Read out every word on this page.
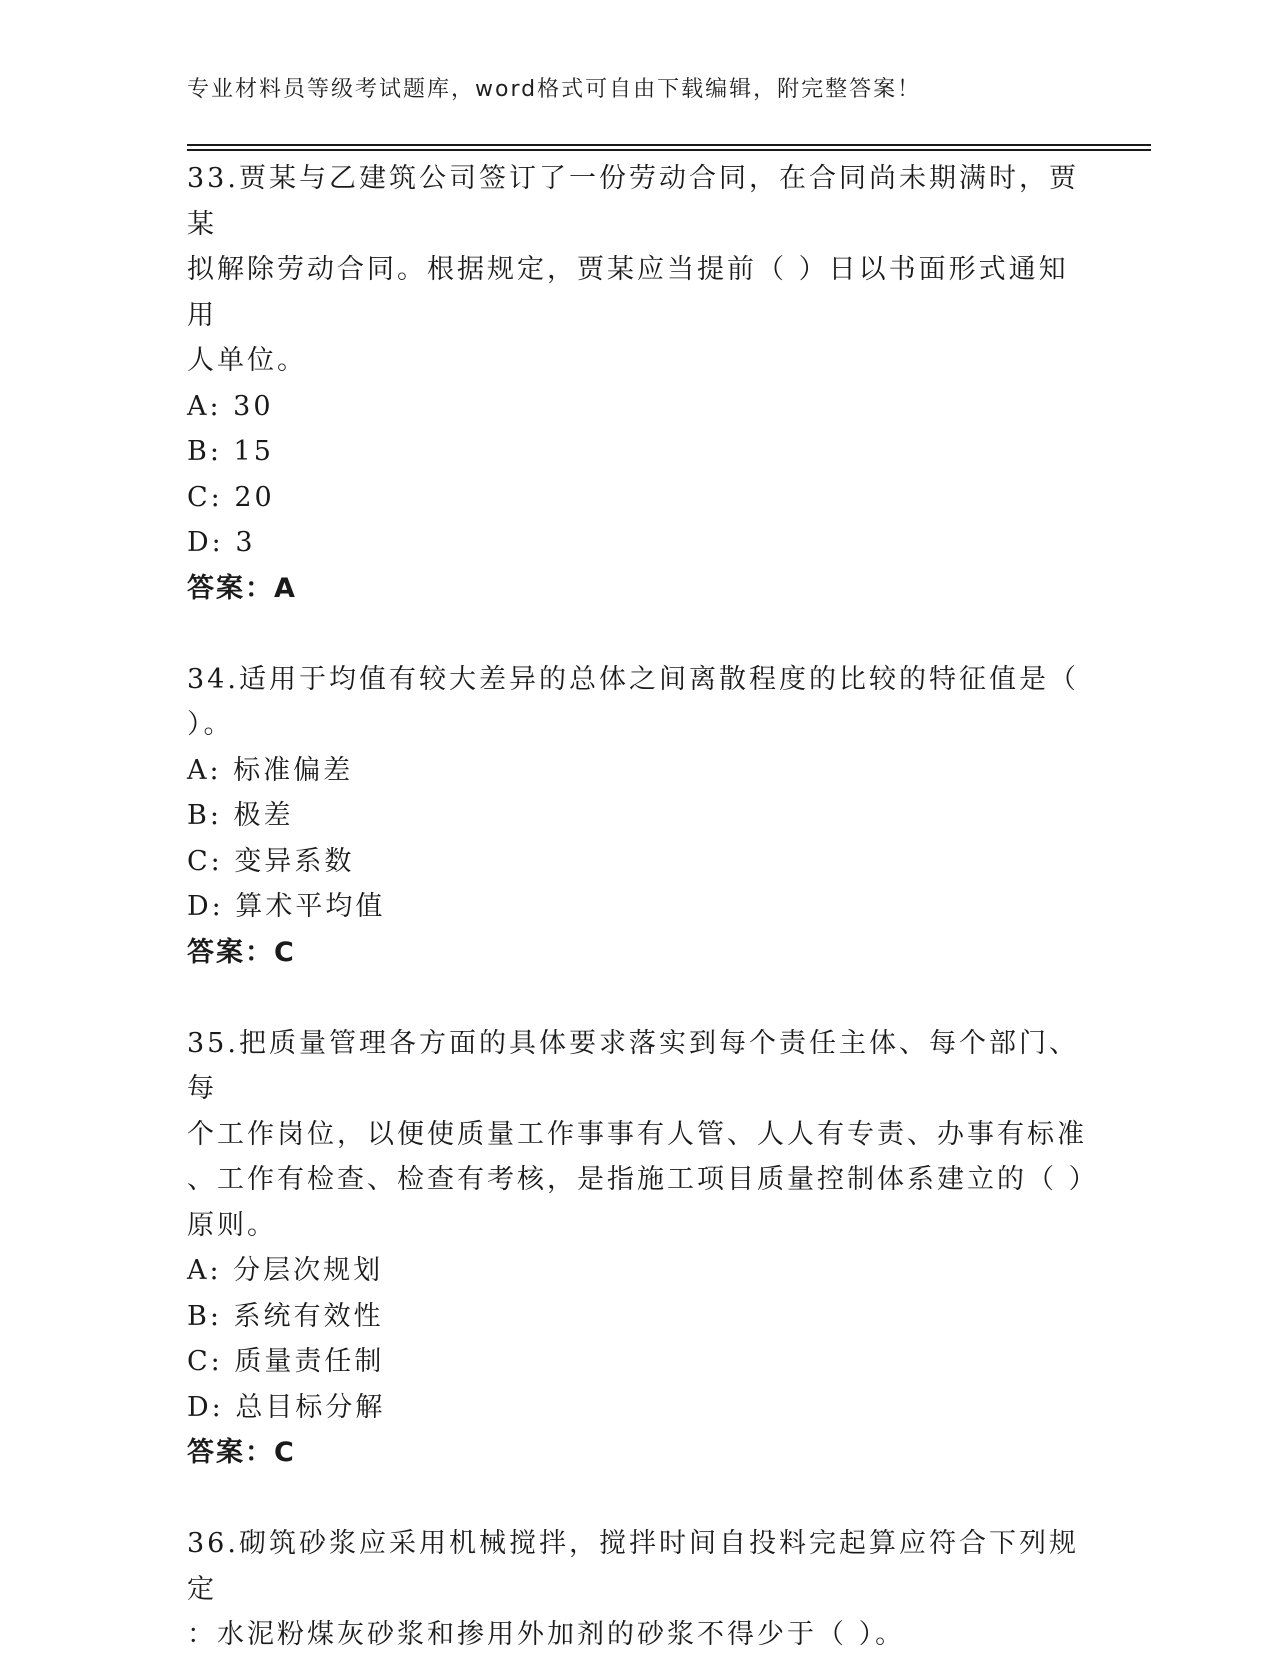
专业材料员等级考试题库，word格式可自由下载编辑，附完整答案！

33.贾某与乙建筑公司签订了一份劳动合同，在合同尚未期满时，贾某

拟解除劳动合同。根据规定，贾某应当提前（ ）日以书面形式通知用

人单位。

A: 30

B: 15

C: 20

D: 3

答案：A

34.适用于均值有较大差异的总体之间离散程度的比较的特征值是（

）。

A: 标准偏差

B: 极差

C: 变异系数

D: 算术平均值

答案：C

35.把质量管理各方面的具体要求落实到每个责任主体、每个部门、每

个工作岗位，以便使质量工作事事有人管、人人有专责、办事有标准

、工作有检查、检查有考核，是指施工项目质量控制体系建立的（ ）

原则。

A: 分层次规划

B: 系统有效性

C: 质量责任制

D: 总目标分解

答案：C

36.砌筑砂浆应采用机械搅拌，搅拌时间自投料完起算应符合下列规定

：水泥粉煤灰砂浆和掺用外加剂的砂浆不得少于（ ）。
